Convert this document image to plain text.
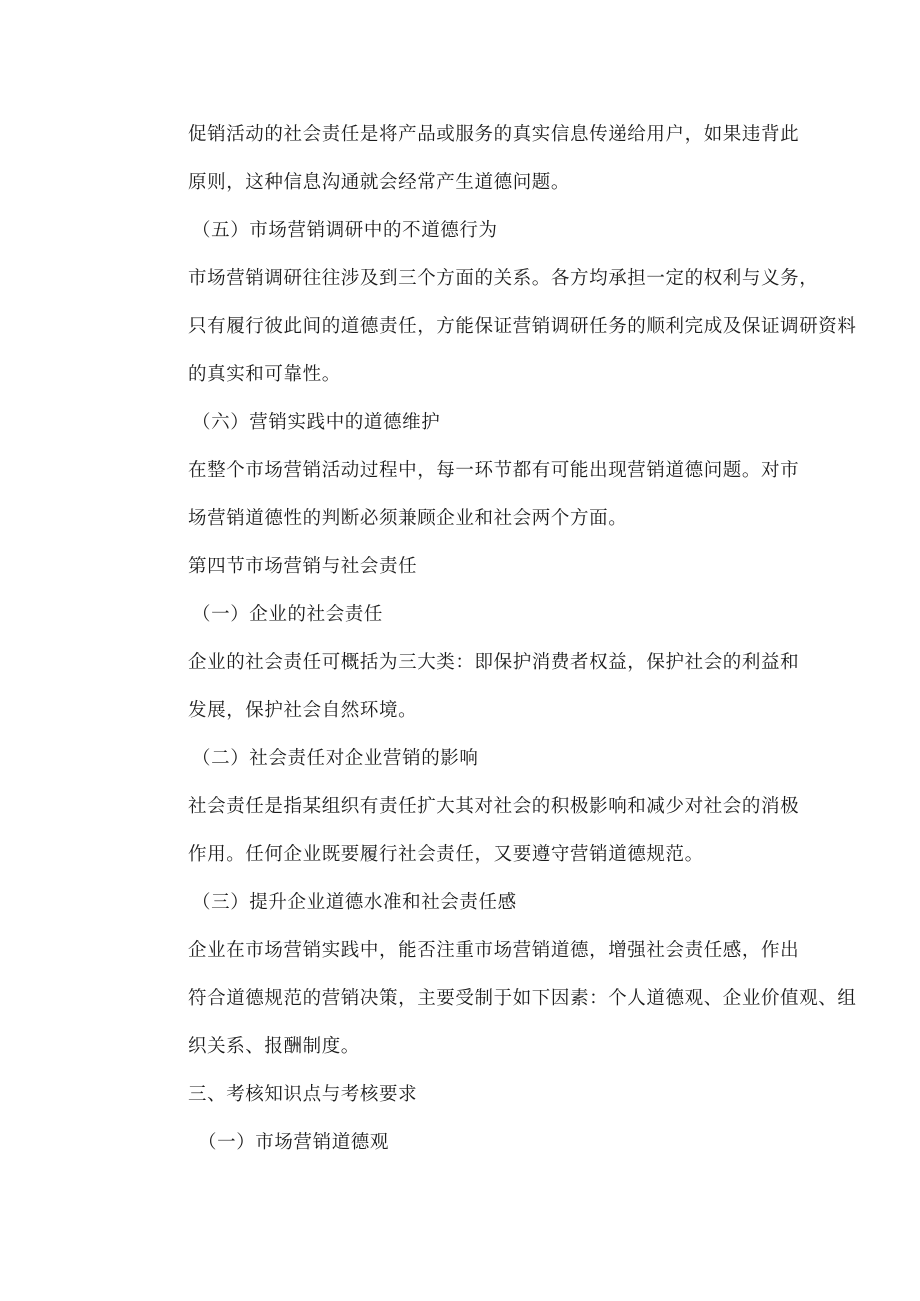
促销活动的社会责任是将产品或服务的真实信息传递给用户，如果违背此
原则，这种信息沟通就会经常产生道德问题。
（五）市场营销调研中的不道德行为
市场营销调研往往涉及到三个方面的关系。各方均承担一定的权利与义务，
只有履行彼此间的道德责任，方能保证营销调研任务的顺利完成及保证调研资料
的真实和可靠性。
（六）营销实践中的道德维护
在整个市场营销活动过程中，每一环节都有可能出现营销道德问题。对市
场营销道德性的判断必须兼顾企业和社会两个方面。
第四节市场营销与社会责任
（一）企业的社会责任
企业的社会责任可概括为三大类：即保护消费者权益，保护社会的利益和
发展，保护社会自然环境。
（二）社会责任对企业营销的影响
社会责任是指某组织有责任扩大其对社会的积极影响和减少对社会的消极
作用。任何企业既要履行社会责任，又要遵守营销道德规范。
（三）提升企业道德水准和社会责任感
企业在市场营销实践中，能否注重市场营销道德，增强社会责任感，作出
符合道德规范的营销决策，主要受制于如下因素：个人道德观、企业价值观、组
织关系、报酬制度。
三、考核知识点与考核要求
（一）市场营销道德观
